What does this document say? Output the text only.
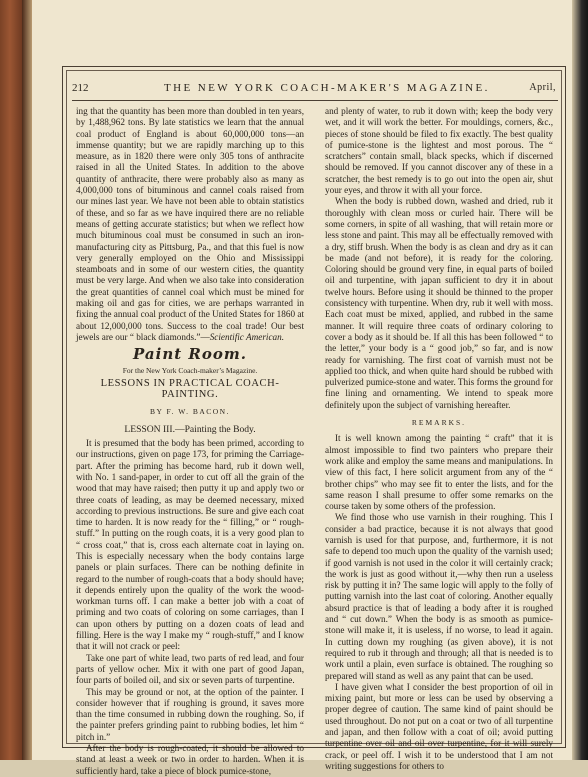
212	THE NEW YORK COACH-MAKER'S MAGAZINE.	April,

ing that the quantity has been more than doubled in ten years, by 1,488,962 tons. By late statistics we learn that the annual coal product of England is about 60,000,000 tons—an immense quantity; but we are rapidly marching up to this measure, as in 1820 there were only 305 tons of anthracite raised in all the United States. In addition to the above quantity of anthracite, there were probably also as many as 4,000,000 tons of bituminous and cannel coals raised from our mines last year. We have not been able to obtain statistics of these, and so far as we have inquired there are no reliable means of getting accurate statistics; but when we reflect how much bituminous coal must be consumed in such an iron-manufacturing city as Pittsburg, Pa., and that this fuel is now very generally employed on the Ohio and Mississippi steamboats and in some of our western cities, the quantity must be very large. And when we also take into consideration the great quantities of cannel coal which must be mined for making oil and gas for cities, we are perhaps warranted in fixing the annual coal product of the United States for 1860 at about 12,000,000 tons. Success to the coal trade! Our best jewels are our “ black diamonds.”—Scientific American.

Paint Room.
For the New York Coach-maker’s Magazine.
LESSONS IN PRACTICAL COACH-PAINTING.
BY F. W. BACON.
LESSON III.—Painting the Body.

It is presumed that the body has been primed, according to our instructions, given on page 173, for priming the Carriage-part. After the priming has become hard, rub it down well, with No. 1 sand-paper, in order to cut off all the grain of the wood that may have raised; then putty it up and apply two or three coats of leading, as may be deemed necessary, mixed according to previous instructions. Be sure and give each coat time to harden. It is now ready for the “ filling,” or “ rough-stuff.” In putting on the rough coats, it is a very good plan to “ cross coat,” that is, cross each alternate coat in laying on. This is especially necessary when the body contains large panels or plain surfaces. There can be nothing definite in regard to the number of rough-coats that a body should have; it depends entirely upon the quality of the work the wood-workman turns off. I can make a better job with a coat of priming and two coats of coloring on some carriages, than I can upon others by putting on a dozen coats of lead and filling. Here is the way I make my “ rough-stuff,” and I know that it will not crack or peel:

Take one part of white lead, two parts of red lead, and four parts of yellow ocher. Mix it with one part of good Japan, four parts of boiled oil, and six or seven parts of turpentine.

This may be ground or not, at the option of the painter. I consider however that if roughing is ground, it saves more than the time consumed in rubbing down the roughing. So, if the painter prefers grinding paint to rubbing bodies, let him “ pitch in.”

After the body is rough-coated, it should be allowed to stand at least a week or two in order to harden. When it is sufficiently hard, take a piece of block pumice-stone,

and plenty of water, to rub it down with; keep the body very wet, and it will work the better. For mouldings, corners, &c., pieces of stone should be filed to fix exactly. The best quality of pumice-stone is the lightest and most porous. The “ scratchers” contain small, black specks, which if discerned should be removed. If you cannot discover any of these in a scratcher, the best remedy is to go out into the open air, shut your eyes, and throw it with all your force.

When the body is rubbed down, washed and dried, rub it thoroughly with clean moss or curled hair. There will be some corners, in spite of all washing, that will retain more or less stone and paint. This may all be effectually removed with a dry, stiff brush. When the body is as clean and dry as it can be made (and not before), it is ready for the coloring. Coloring should be ground very fine, in equal parts of boiled oil and turpentine, with japan sufficient to dry it in about twelve hours. Before using it should be thinned to the proper consistency with turpentine. When dry, rub it well with moss. Each coat must be mixed, applied, and rubbed in the same manner. It will require three coats of ordinary coloring to cover a body as it should be. If all this has been followed “ to the letter,” your body is a “ good job,” so far, and is now ready for varnishing. The first coat of varnish must not be applied too thick, and when quite hard should be rubbed with pulverized pumice-stone and water. This forms the ground for fine lining and ornamenting. We intend to speak more definitely upon the subject of varnishing hereafter.

REMARKS.

It is well known among the painting “ craft” that it is almost impossible to find two painters who prepare their work alike and employ the same means and manipulations. In view of this fact, I here solicit argument from any of the “ brother chips” who may see fit to enter the lists, and for the same reason I shall presume to offer some remarks on the course taken by some others of the profession.

We find those who use varnish in their roughing. This I consider a bad practice, because it is not always that good varnish is used for that purpose, and, furthermore, it is not safe to depend too much upon the quality of the varnish used; if good varnish is not used in the color it will certainly crack; the work is just as good without it,—why then run a useless risk by putting it in? The same logic will apply to the folly of putting varnish into the last coat of coloring. Another equally absurd practice is that of leading a body after it is roughed and “ cut down.” When the body is as smooth as pumice-stone will make it, it is useless, if no worse, to lead it again. In cutting down my roughing (as given above), it is not required to rub it through and through; all that is needed is to work until a plain, even surface is obtained. The roughing so prepared will stand as well as any paint that can be used.

I have given what I consider the best proportion of oil in mixing paint, but more or less can be used by observing a proper degree of caution. The same kind of paint should be used throughout. Do not put on a coat or two of all turpentine and japan, and then follow with a coat of oil; avoid putting turpentine over oil and oil over turpentine, for it will surely crack, or peel off. I wish it to be understood that I am not writing suggestions for others to
